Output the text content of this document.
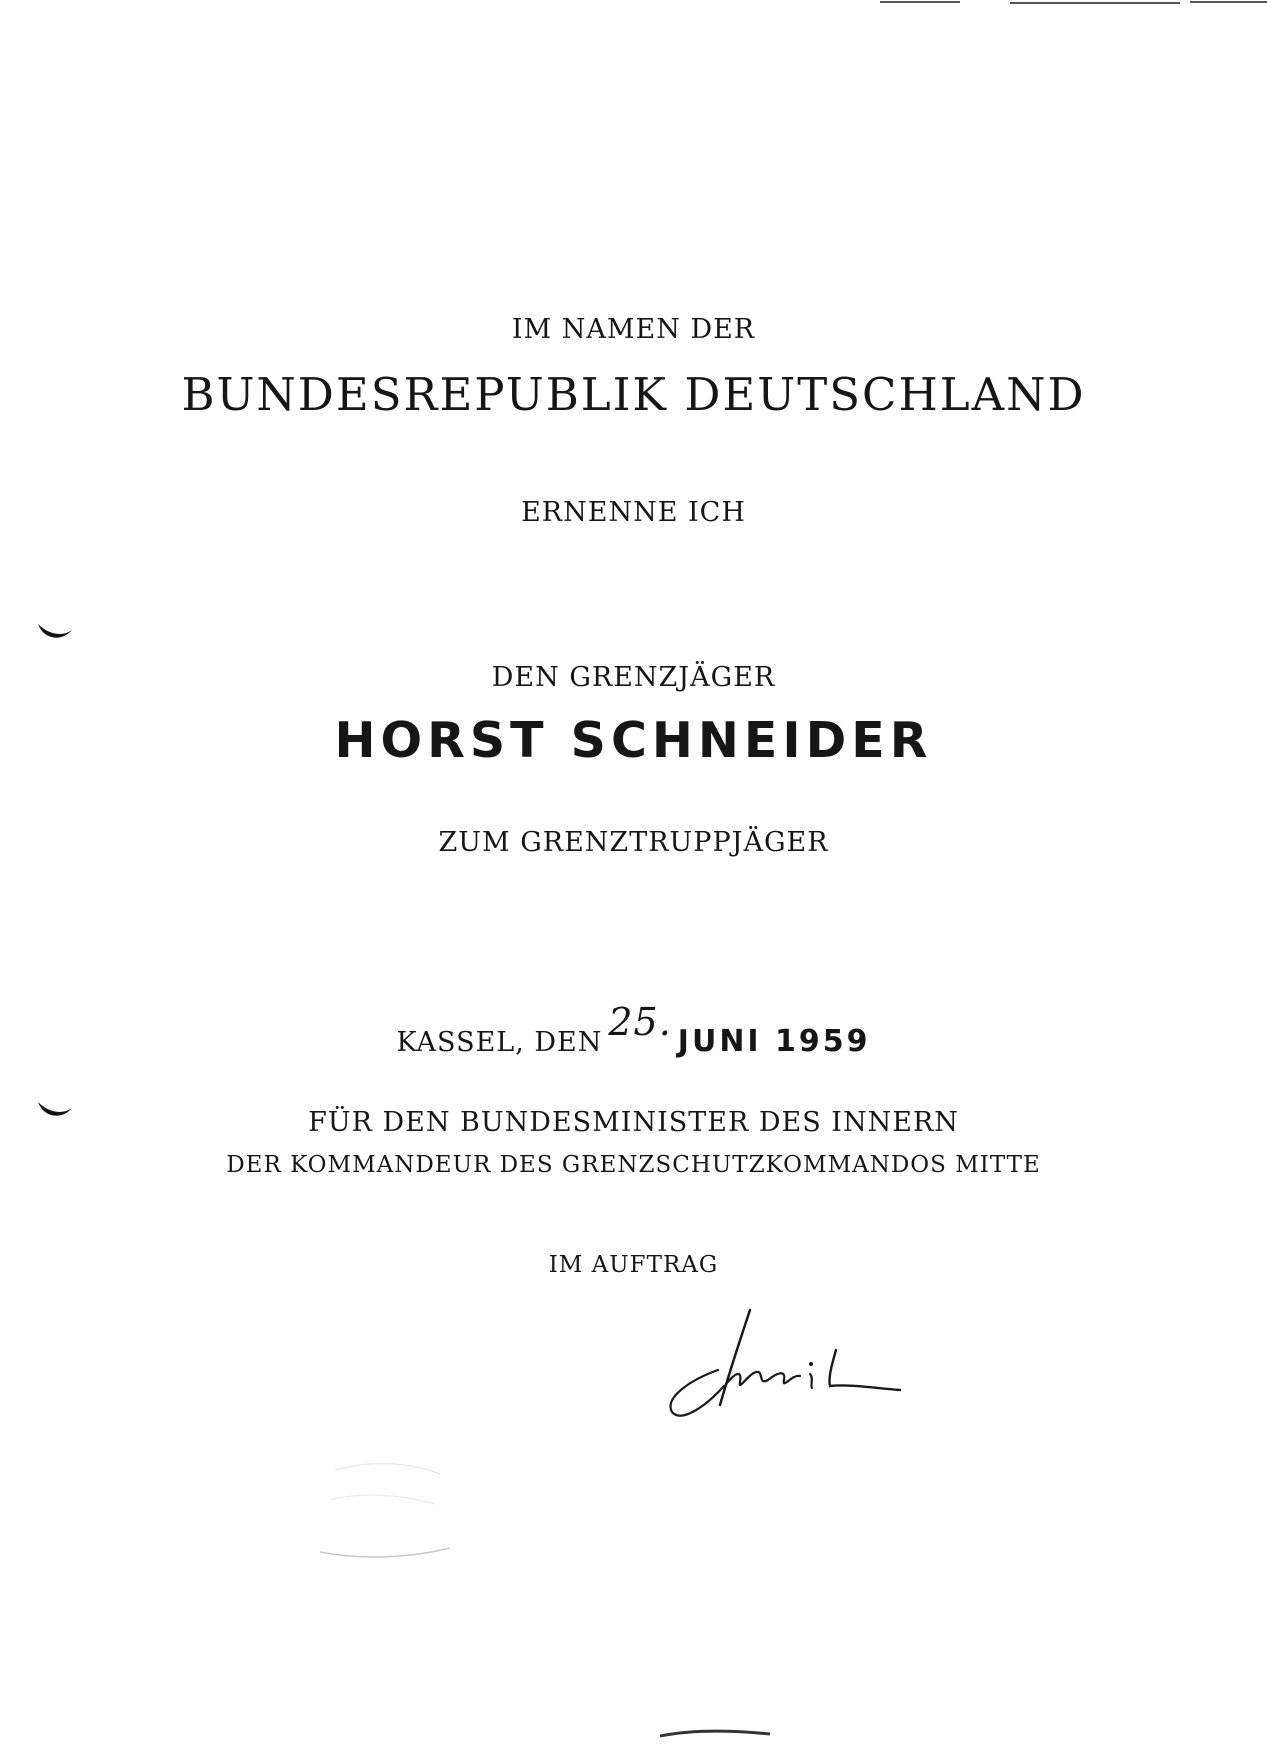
IM NAMEN DER
BUNDESREPUBLIK DEUTSCHLAND
ERNENNE ICH
DEN GRENZJÄGER
HORST SCHNEIDER
ZUM GRENZTRUPPJÄGER
KASSEL, DEN 25. JUNI 1959
FÜR DEN BUNDESMINISTER DES INNERN
DER KOMMANDEUR DES GRENZSCHUTZKOMMANDOS MITTE
IM AUFTRAG
